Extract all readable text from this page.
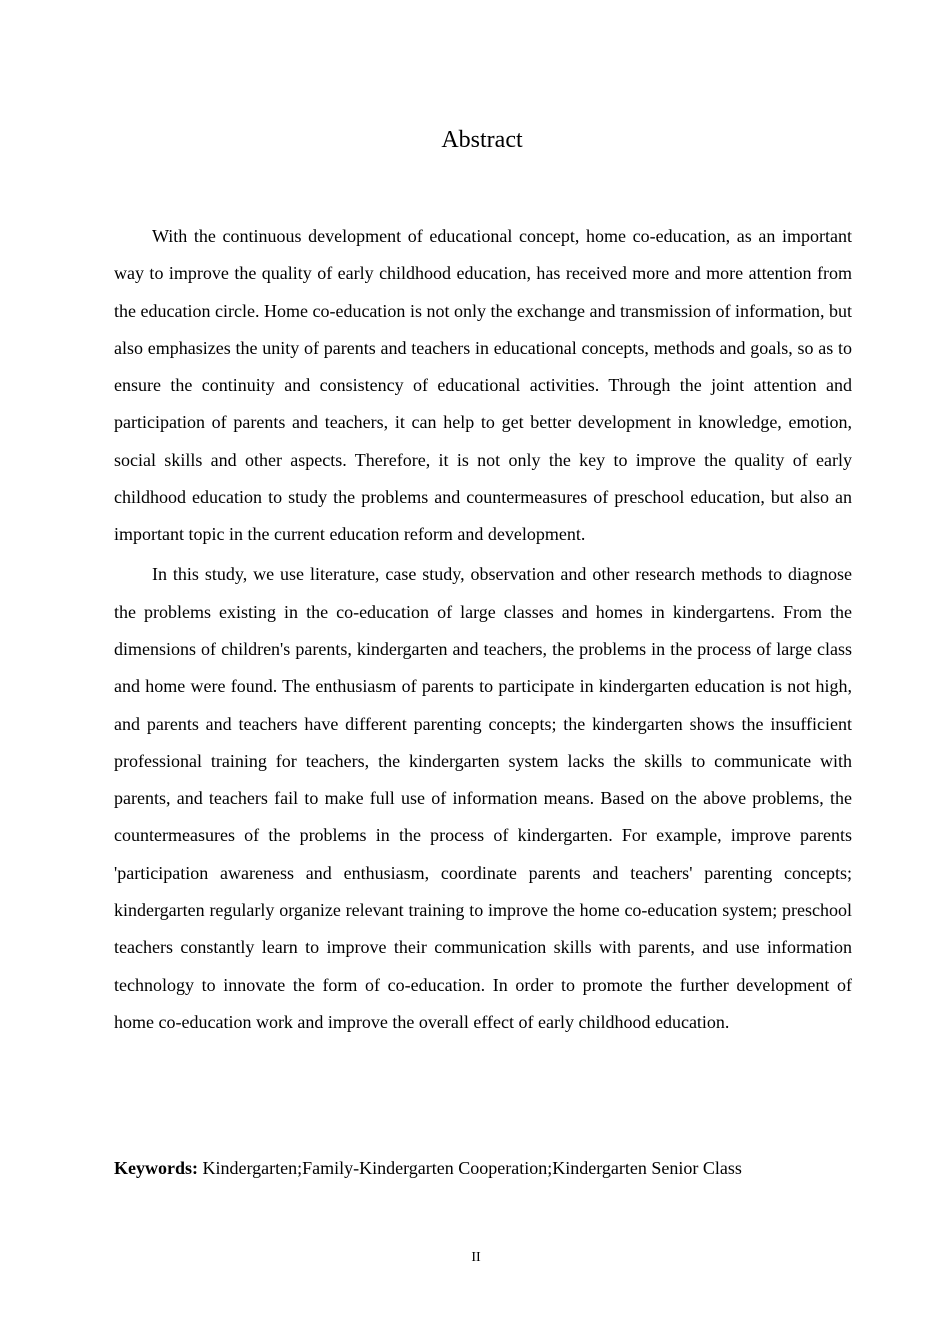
Abstract

With the continuous development of educational concept, home co-education, as an important way to improve the quality of early childhood education, has received more and more attention from the education circle. Home co-education is not only the exchange and transmission of information, but also emphasizes the unity of parents and teachers in educational concepts, methods and goals, so as to ensure the continuity and consistency of educational activities. Through the joint attention and participation of parents and teachers, it can help to get better development in knowledge, emotion, social skills and other aspects. Therefore, it is not only the key to improve the quality of early childhood education to study the problems and countermeasures of preschool education, but also an important topic in the current education reform and development.

In this study, we use literature, case study, observation and other research methods to diagnose the problems existing in the co-education of large classes and homes in kindergartens. From the dimensions of children's parents, kindergarten and teachers, the problems in the process of large class and home were found. The enthusiasm of parents to participate in kindergarten education is not high, and parents and teachers have different parenting concepts; the kindergarten shows the insufficient professional training for teachers, the kindergarten system lacks the skills to communicate with parents, and teachers fail to make full use of information means. Based on the above problems, the countermeasures of the problems in the process of kindergarten. For example, improve parents 'participation awareness and enthusiasm, coordinate parents and teachers' parenting concepts; kindergarten regularly organize relevant training to improve the home co-education system; preschool teachers constantly learn to improve their communication skills with parents, and use information technology to innovate the form of co-education. In order to promote the further development of home co-education work and improve the overall effect of early childhood education.

Keywords: Kindergarten;Family-Kindergarten Cooperation;Kindergarten Senior Class
II
